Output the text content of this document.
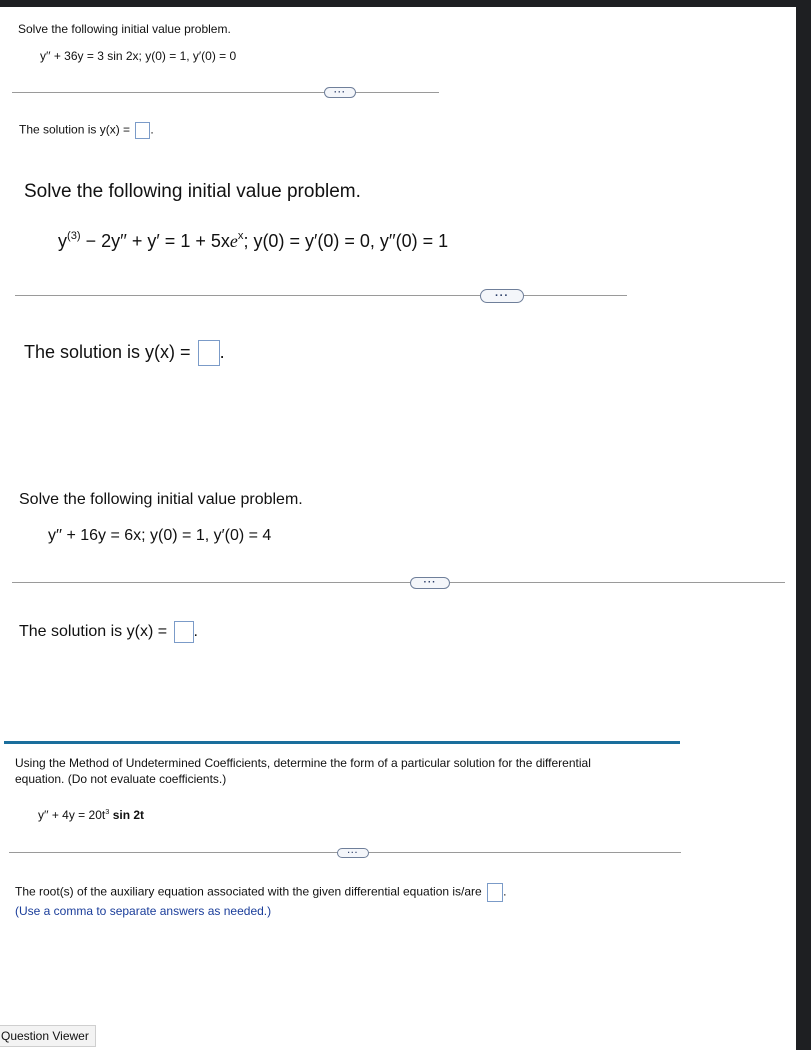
Solve the following initial value problem.
y′′ + 36y = 3 sin 2x; y(0) = 1, y′(0) = 0
···
The solution is y(x) = .
Solve the following initial value problem.
$y^{(3)} - 2y'' + y' = 1 + 5xe^x$; y(0) = y′(0) = 0, y′′(0) = 1
···
The solution is y(x) = .
Solve the following initial value problem.
y′′ + 16y = 6x; y(0) = 1, y′(0) = 4
···
The solution is y(x) = .
Using the Method of Undetermined Coefficients, determine the form of a particular solution for the differential
equation. (Do not evaluate coefficients.)
$y'' + 4y = 20t^3$ sin 2t
···
The root(s) of the auxiliary equation associated with the given differential equation is/are .
(Use a comma to separate answers as needed.)
Question Viewer
